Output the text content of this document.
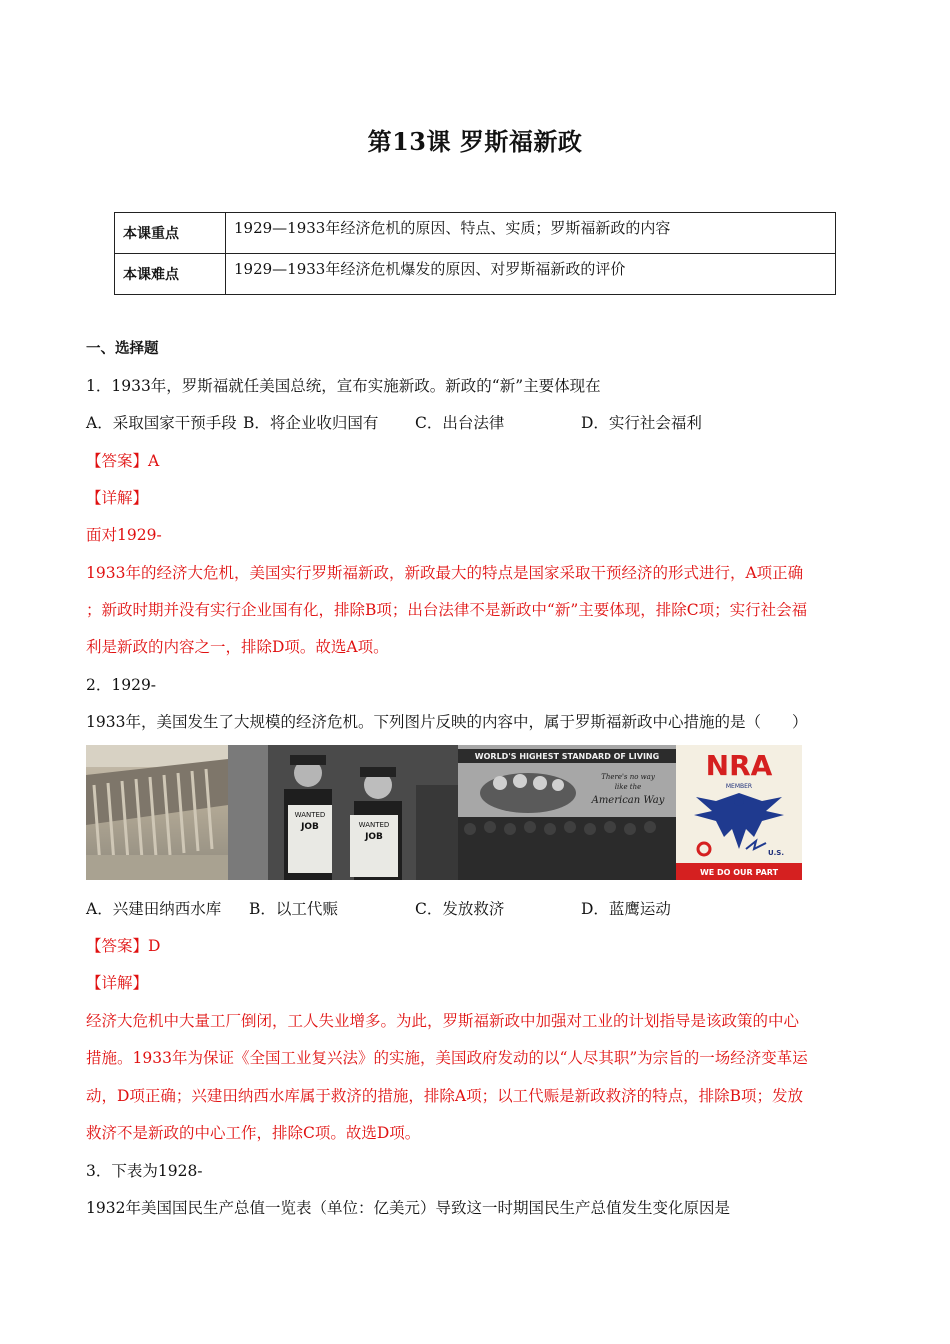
第13课 罗斯福新政
本课重点	1929—1933年经济危机的原因、特点、实质；罗斯福新政的内容
本课难点	1929—1933年经济危机爆发的原因、对罗斯福新政的评价
一、选择题
1．1933年，罗斯福就任美国总统，宣布实施新政。新政的“新”主要体现在
A．采取国家干预手段 B．将企业收归国有 C．出台法律	D．实行社会福利
【答案】A
【详解】
面对1929-
1933年的经济大危机，美国实行罗斯福新政，新政最大的特点是国家采取干预经济的形式进行，A项正确
；新政时期并没有实行企业国有化，排除B项；出台法律不是新政中“新”主要体现，排除C项；实行社会福
利是新政的内容之一，排除D项。故选A项。
2．1929-
1933年，美国发生了大规模的经济危机。下列图片反映的内容中，属于罗斯福新政中心措施的是（　　）
WANTED
JOB	WANTED
JOB
WORLD'S HIGHEST STANDARD OF LIVING
There's no way
like the
American Way
NRA
MEMBER
U.S.
WE DO OUR PART
A．兴建田纳西水库 B．以工代赈	C．发放救济	D．蓝鹰运动
【答案】D
【详解】
经济大危机中大量工厂倒闭，工人失业增多。为此，罗斯福新政中加强对工业的计划指导是该政策的中心
措施。1933年为保证《全国工业复兴法》的实施，美国政府发动的以“人尽其职”为宗旨的一场经济变革运
动，D项正确；兴建田纳西水库属于救济的措施，排除A项；以工代赈是新政救济的特点，排除B项；发放
救济不是新政的中心工作，排除C项。故选D项。
3．下表为1928-
1932年美国国民生产总值一览表（单位：亿美元）导致这一时期国民生产总值发生变化原因是
